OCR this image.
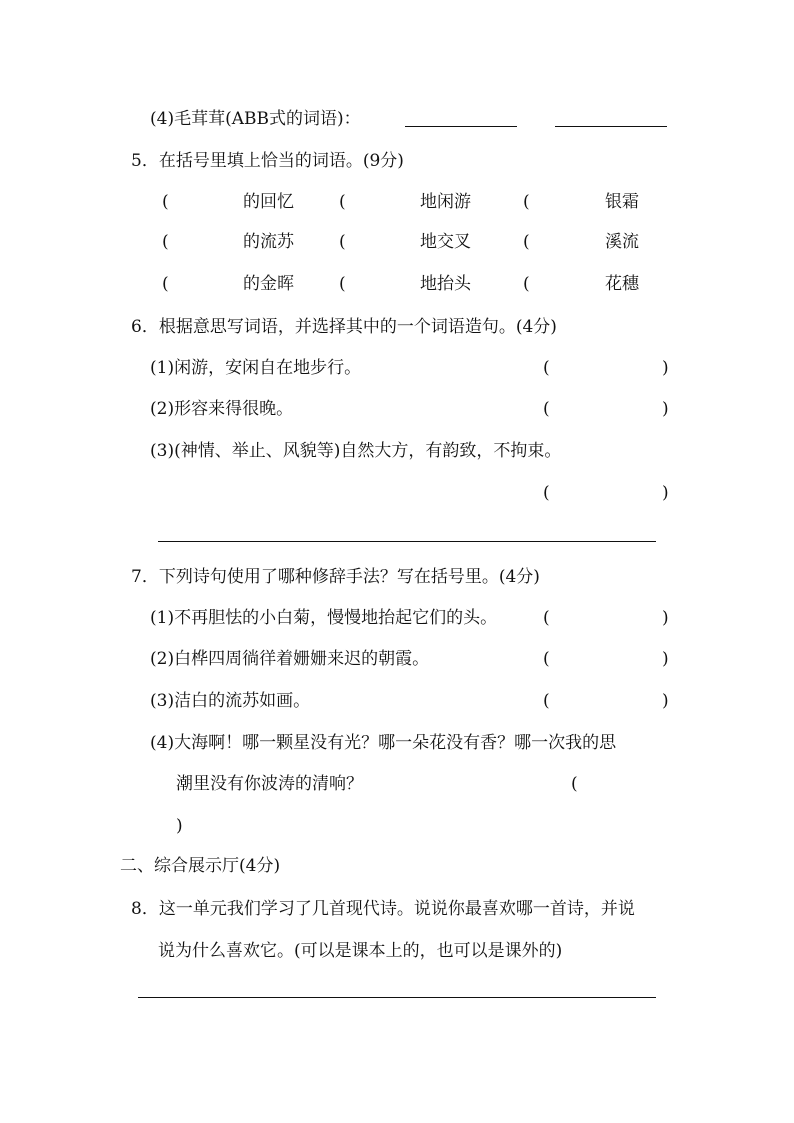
(4)毛茸茸(ABB式的词语)：
5．在括号里填上恰当的词语。(9分)
(	的回忆	(	地闲游	(	银霜
(	的流苏	(	地交叉	(	溪流
(	的金晖	(	地抬头	(	花穗
6．根据意思写词语，并选择其中的一个词语造句。(4分)
(1)闲游，安闲自在地步行。	(	)
(2)形容来得很晚。	(	)
(3)(神情、举止、风貌等)自然大方，有韵致，不拘束。
(	)
7．下列诗句使用了哪种修辞手法？写在括号里。(4分)
(1)不再胆怯的小白菊，慢慢地抬起它们的头。	(	)
(2)白桦四周徜徉着姗姗来迟的朝霞。	(	)
(3)洁白的流苏如画。	(	)
(4)大海啊！哪一颗星没有光？哪一朵花没有香？哪一次我的思
潮里没有你波涛的清响？	(
)
二、综合展示厅(4分)
8．这一单元我们学习了几首现代诗。说说你最喜欢哪一首诗，并说
说为什么喜欢它。(可以是课本上的，也可以是课外的)
